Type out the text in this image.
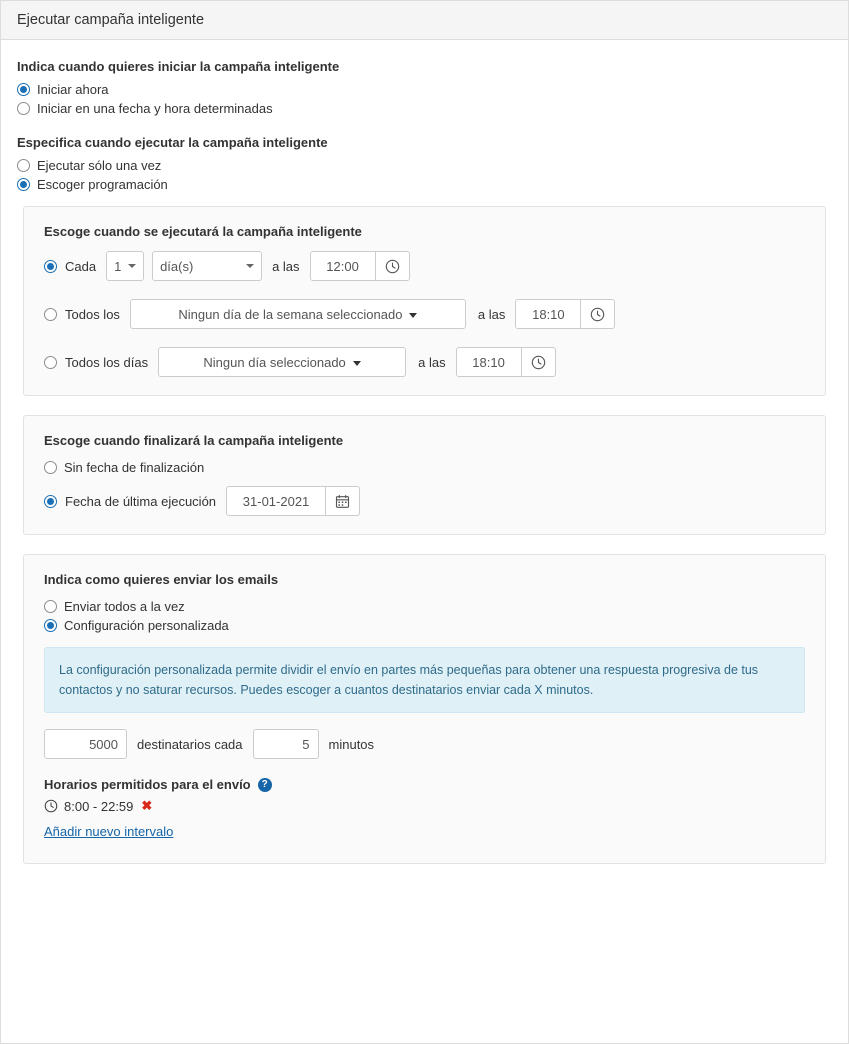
Ejecutar campaña inteligente
Indica cuando quieres iniciar la campaña inteligente
Iniciar ahora
Iniciar en una fecha y hora determinadas
Especifica cuando ejecutar la campaña inteligente
Ejecutar sólo una vez
Escoger programación
Escoge cuando se ejecutará la campaña inteligente
Cada 1	día(s)	a las 12:00
Todos los	Ningun día de la semana seleccionado	a las 18:10
Todos los días	Ningun día seleccionado	a las 18:10
Escoge cuando finalizará la campaña inteligente
Sin fecha de finalización
Fecha de última ejecución 31-01-2021
Indica como quieres enviar los emails
Enviar todos a la vez
Configuración personalizada
La configuración personalizada permite dividir el envío en partes más pequeñas para obtener una respuesta progresiva de tus contactos y no saturar recursos. Puedes escoger a cuantos destinatarios enviar cada X minutos.
5000 destinatarios cada	5 minutos
Horarios permitidos para el envío	?
8:00 - 22:59 ✖
Añadir nuevo intervalo
